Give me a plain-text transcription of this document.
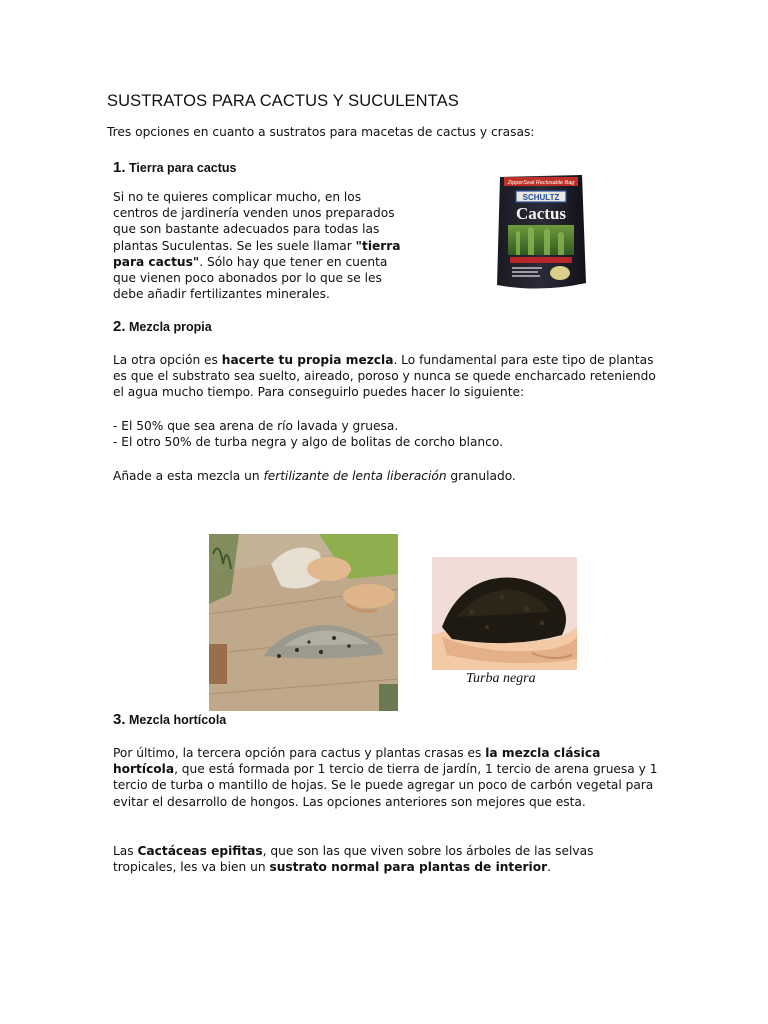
SUSTRATOS PARA CACTUS Y SUCULENTAS
Tres opciones en cuanto a sustratos para macetas de cactus y crasas:
1. Tierra para cactus
Si no te quieres complicar mucho, en los centros de jardinería venden unos preparados que son bastante adecuados para todas las plantas Suculentas. Se les suele llamar "tierra para cactus". Sólo hay que tener en cuenta que vienen poco abonados por lo que se les debe añadir fertilizantes minerales.
ZipperSeal Reclosable Bag
SCHULTZ
Cactus
2. Mezcla propia
La otra opción es hacerte tu propia mezcla. Lo fundamental para este tipo de plantas es que el substrato sea suelto, aireado, poroso y nunca se quede encharcado reteniendo el agua mucho tiempo. Para conseguirlo puedes hacer lo siguiente:
- El 50% que sea arena de río lavada y gruesa.
- El otro 50% de turba negra y algo de bolitas de corcho blanco.
Añade a esta mezcla un fertilizante de lenta liberación granulado.
Turba negra
3. Mezcla hortícola
Por último, la tercera opción para cactus y plantas crasas es la mezcla clásica hortícola, que está formada por 1 tercio de tierra de jardín, 1 tercio de arena gruesa y 1 tercio de turba o mantillo de hojas. Se le puede agregar un poco de carbón vegetal para evitar el desarrollo de hongos. Las opciones anteriores son mejores que esta.
Las Cactáceas epifitas, que son las que viven sobre los árboles de las selvas tropicales, les va bien un sustrato normal para plantas de interior.
